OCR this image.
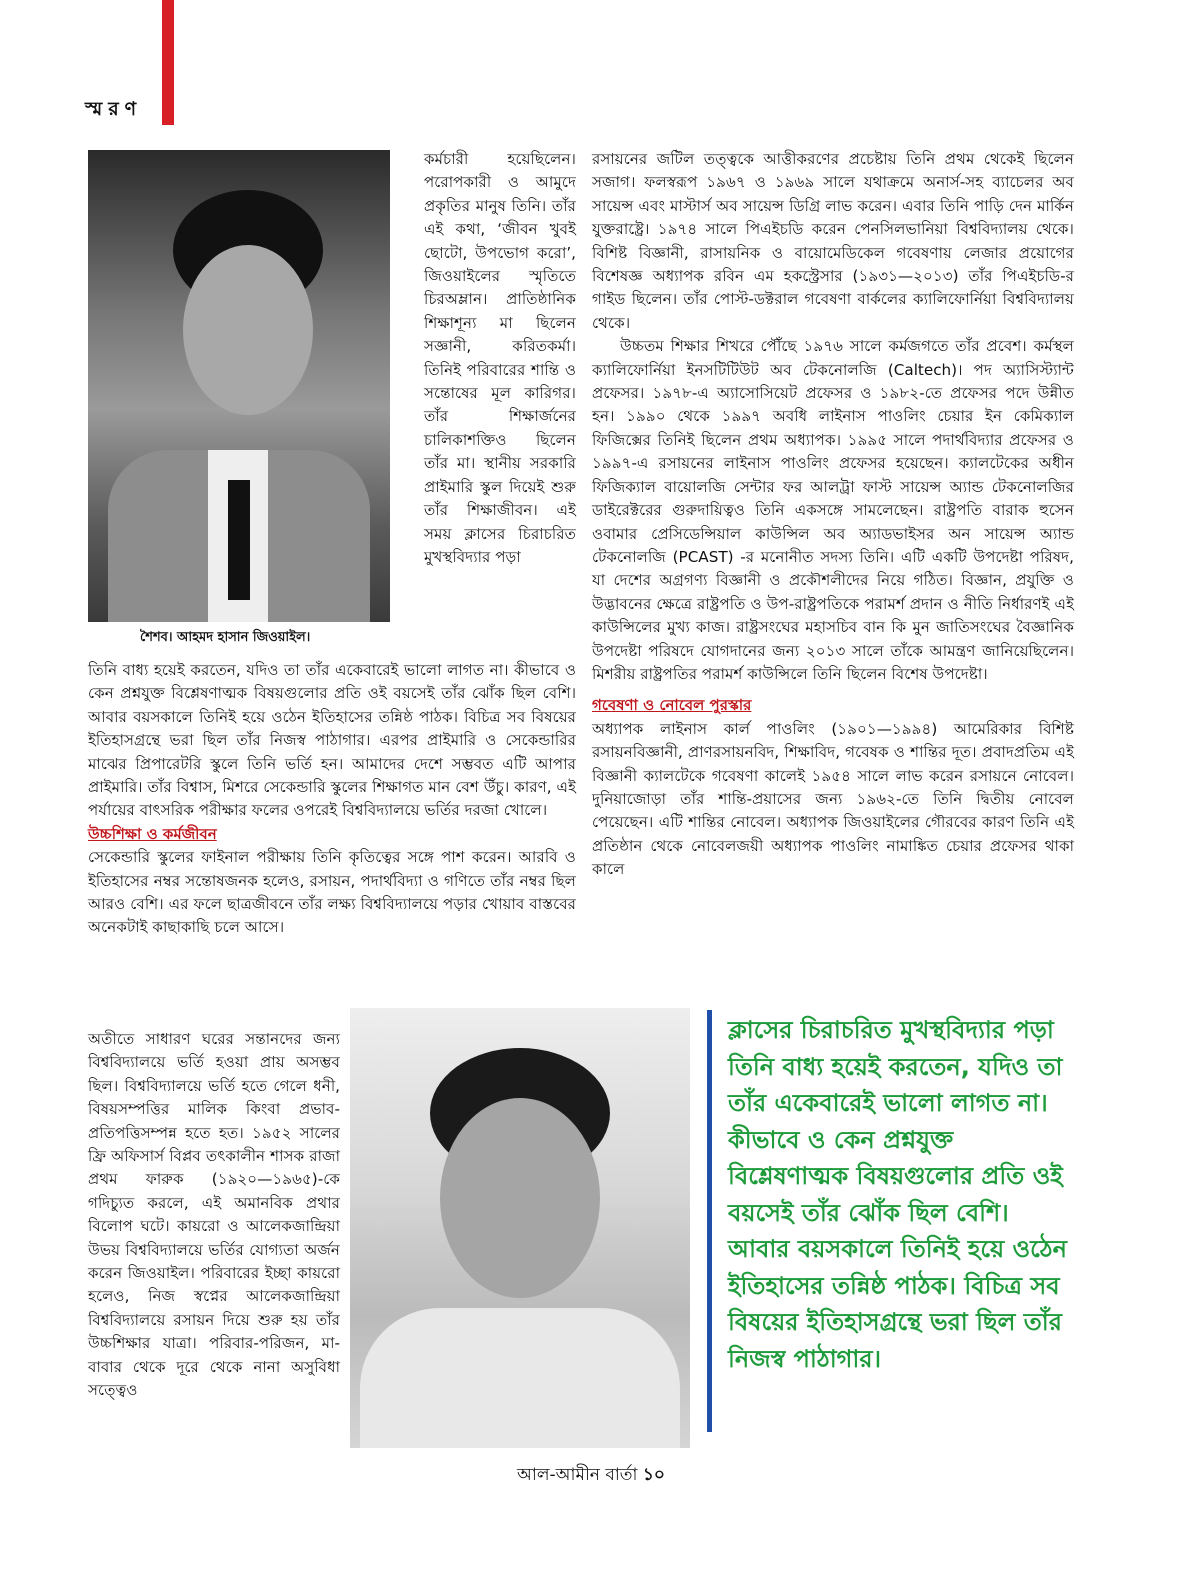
স্মরণ
শৈশব। আহমদ হাসান জিওয়াইল।

কর্মচারী হয়েছিলেন। পরোপকারী ও আমুদে প্রকৃতির মানুষ তিনি। তাঁর এই কথা, ‘জীবন খুবই ছোটো, উপভোগ করো’, জিওয়াইলের স্মৃতিতে চিরঅম্লান। প্রাতিষ্ঠানিক শিক্ষাশূন্য মা ছিলেন সজ্ঞানী, করিতকর্মা। তিনিই পরিবারের শান্তি ও সন্তোষের মূল কারিগর। তাঁর শিক্ষার্জনের চালিকাশক্তিও ছিলেন তাঁর মা। স্থানীয় সরকারি প্রাইমারি স্কুল দিয়েই শুরু তাঁর শিক্ষাজীবন। এই সময় ক্লাসের চিরাচরিত মুখস্থবিদ্যার পড়া

তিনি বাধ্য হয়েই করতেন, যদিও তা তাঁর একেবারেই ভালো লাগত না। কীভাবে ও কেন প্রশ্নযুক্ত বিশ্লেষণাত্মক বিষয়গুলোর প্রতি ওই বয়সেই তাঁর ঝোঁক ছিল বেশি। আবার বয়সকালে তিনিই হয়ে ওঠেন ইতিহাসের তন্নিষ্ঠ পাঠক। বিচিত্র সব বিষয়ের ইতিহাসগ্রন্থে ভরা ছিল তাঁর নিজস্ব পাঠাগার। এরপর প্রাইমারি ও সেকেন্ডারির মাঝের প্রিপারেটরি স্কুলে তিনি ভর্তি হন। আমাদের দেশে সম্ভবত এটি আপার প্রাইমারি। তাঁর বিশ্বাস, মিশরে সেকেন্ডারি স্কুলের শিক্ষাগত মান বেশ উঁচু। কারণ, এই পর্যায়ের বাৎসরিক পরীক্ষার ফলের ওপরেই বিশ্ববিদ্যালয়ে ভর্তির দরজা খোলে।

উচ্চশিক্ষা ও কর্মজীবন

সেকেন্ডারি স্কুলের ফাইনাল পরীক্ষায় তিনি কৃতিত্বের সঙ্গে পাশ করেন। আরবি ও ইতিহাসের নম্বর সন্তোষজনক হলেও, রসায়ন, পদার্থবিদ্যা ও গণিতে তাঁর নম্বর ছিল আরও বেশি। এর ফলে ছাত্রজীবনে তাঁর লক্ষ্য বিশ্ববিদ্যালয়ে পড়ার খোয়াব বাস্তবের অনেকটাই কাছাকাছি চলে আসে।

রসায়নের জটিল তত্ত্বকে আত্তীকরণের প্রচেষ্টায় তিনি প্রথম থেকেই ছিলেন সজাগ। ফলস্বরূপ ১৯৬৭ ও ১৯৬৯ সালে যথাক্রমে অনার্স-সহ ব্যাচেলর অব সায়েন্স এবং মাস্টার্স অব সায়েন্স ডিগ্রি লাভ করেন। এবার তিনি পাড়ি দেন মার্কিন যুক্তরাষ্ট্রে। ১৯৭৪ সালে পিএইচডি করেন পেনসিলভানিয়া বিশ্ববিদ্যালয় থেকে। বিশিষ্ট বিজ্ঞানী, রাসায়নিক ও বায়োমেডিকেল গবেষণায় লেজার প্রয়োগের বিশেষজ্ঞ অধ্যাপক রবিন এম হকস্ট্রেসার (১৯৩১—২০১৩) তাঁর পিএইচডি-র গাইড ছিলেন। তাঁর পোস্ট-ডক্টরাল গবেষণা বার্কলের ক্যালিফোর্নিয়া বিশ্ববিদ্যালয় থেকে।

উচ্চতম শিক্ষার শিখরে পৌঁছে ১৯৭৬ সালে কর্মজগতে তাঁর প্রবেশ। কর্মস্থল ক্যালিফোর্নিয়া ইনসটিটিউট অব টেকনোলজি (Caltech)। পদ অ্যাসিস্ট্যান্ট প্রফেসর। ১৯৭৮-এ অ্যাসোসিয়েট প্রফেসর ও ১৯৮২-তে প্রফেসর পদে উন্নীত হন। ১৯৯০ থেকে ১৯৯৭ অবধি লাইনাস পাওলিং চেয়ার ইন কেমিক্যাল ফিজিক্সের তিনিই ছিলেন প্রথম অধ্যাপক। ১৯৯৫ সালে পদার্থবিদ্যার প্রফেসর ও ১৯৯৭-এ রসায়নের লাইনাস পাওলিং প্রফেসর হয়েছেন। ক্যালটেকের অধীন ফিজিক্যাল বায়োলজি সেন্টার ফর আলট্রা ফাস্ট সায়েন্স অ্যান্ড টেকনোলজির ডাইরেক্টরের গুরুদায়িত্বও তিনি একসঙ্গে সামলেছেন। রাষ্ট্রপতি বারাক হুসেন ওবামার প্রেসিডেন্সিয়াল কাউন্সিল অব অ্যাডভাইসর অন সায়েন্স অ্যান্ড টেকনোলজি (PCAST) -র মনোনীত সদস্য তিনি। এটি একটি উপদেষ্টা পরিষদ, যা দেশের অগ্রগণ্য বিজ্ঞানী ও প্রকৌশলীদের নিয়ে গঠিত। বিজ্ঞান, প্রযুক্তি ও উদ্ভাবনের ক্ষেত্রে রাষ্ট্রপতি ও উপ-রাষ্ট্রপতিকে পরামর্শ প্রদান ও নীতি নির্ধারণই এই কাউন্সিলের মুখ্য কাজ। রাষ্ট্রসংঘের মহাসচিব বান কি মুন জাতিসংঘের বৈজ্ঞানিক উপদেষ্টা পরিষদে যোগদানের জন্য ২০১৩ সালে তাঁকে আমন্ত্রণ জানিয়েছিলেন। মিশরীয় রাষ্ট্রপতির পরামর্শ কাউন্সিলে তিনি ছিলেন বিশেষ উপদেষ্টা।

গবেষণা ও নোবেল পুরস্কার

অধ্যাপক লাইনাস কার্ল পাওলিং (১৯০১—১৯৯৪) আমেরিকার বিশিষ্ট রসায়নবিজ্ঞানী, প্রাণরসায়নবিদ, শিক্ষাবিদ, গবেষক ও শান্তির দূত। প্রবাদপ্রতিম এই বিজ্ঞানী ক্যালটেকে গবেষণা কালেই ১৯৫৪ সালে লাভ করেন রসায়নে নোবেল। দুনিয়াজোড়া তাঁর শান্তি-প্রয়াসের জন্য ১৯৬২-তে তিনি দ্বিতীয় নোবেল পেয়েছেন। এটি শান্তির নোবেল। অধ্যাপক জিওয়াইলের গৌরবের কারণ তিনি এই প্রতিষ্ঠান থেকে নোবেলজয়ী অধ্যাপক পাওলিং নামাঙ্কিত চেয়ার প্রফেসর থাকা কালে

অতীতে সাধারণ ঘরের সন্তানদের জন্য বিশ্ববিদ্যালয়ে ভর্তি হওয়া প্রায় অসম্ভব ছিল। বিশ্ববিদ্যালয়ে ভর্তি হতে গেলে ধনী, বিষয়সম্পত্তির মালিক কিংবা প্রভাব-প্রতিপত্তিসম্পন্ন হতে হত। ১৯৫২ সালের ফ্রি অফিসার্স বিপ্লব তৎকালীন শাসক রাজা প্রথম ফারুক (১৯২০—১৯৬৫)-কে গদিচ্যুত করলে, এই অমানবিক প্রথার বিলোপ ঘটে। কায়রো ও আলেকজান্দ্রিয়া উভয় বিশ্ববিদ্যালয়ে ভর্তির যোগ্যতা অর্জন করেন জিওয়াইল। পরিবারের ইচ্ছা কায়রো হলেও, নিজ স্বপ্নের আলেকজান্দ্রিয়া বিশ্ববিদ্যালয়ে রসায়ন দিয়ে শুরু হয় তাঁর উচ্চশিক্ষার যাত্রা। পরিবার-পরিজন, মা-বাবার থেকে দূরে থেকে নানা অসুবিধা সত্ত্বেও

ক্লাসের চিরাচরিত মুখস্থবিদ্যার পড়া তিনি বাধ্য হয়েই করতেন, যদিও তা তাঁর একেবারেই ভালো লাগত না। কীভাবে ও কেন প্রশ্নযুক্ত বিশ্লেষণাত্মক বিষয়গুলোর প্রতি ওই বয়সেই তাঁর ঝোঁক ছিল বেশি। আবার বয়সকালে তিনিই হয়ে ওঠেন ইতিহাসের তন্নিষ্ঠ পাঠক। বিচিত্র সব বিষয়ের ইতিহাসগ্রন্থে ভরা ছিল তাঁর নিজস্ব পাঠাগার।
আল-আমীন বার্তা ১০
